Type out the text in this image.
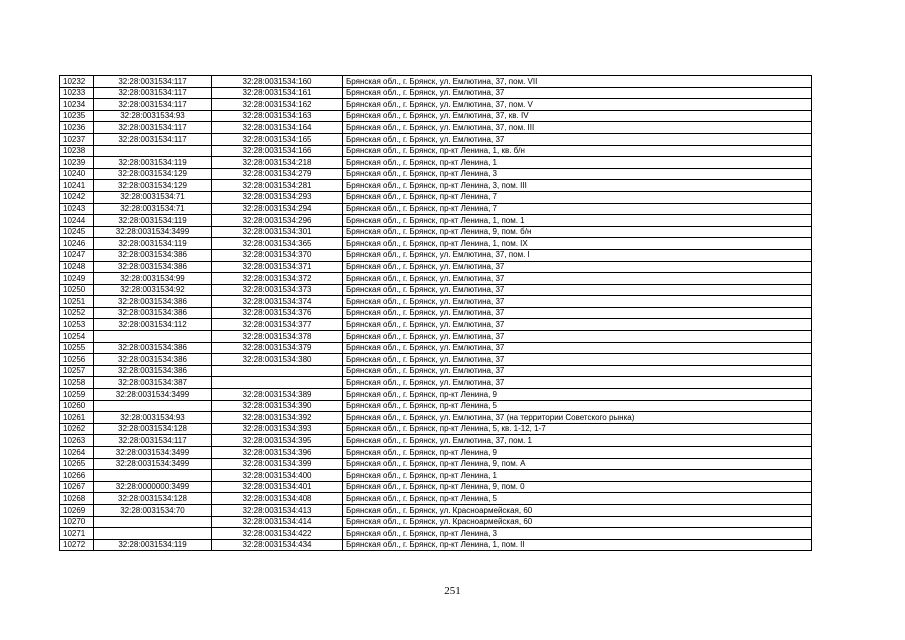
10232	32:28:0031534:117	32:28:0031534:160	Брянская обл., г. Брянск, ул. Емлютина, 37, пом. VII
10233	32:28:0031534:117	32:28:0031534:161	Брянская обл., г. Брянск, ул. Емлютина, 37
10234	32:28:0031534:117	32:28:0031534:162	Брянская обл., г. Брянск, ул. Емлютина, 37, пом. V
10235	32:28:0031534:93	32:28:0031534:163	Брянская обл., г. Брянск, ул. Емлютина, 37, кв. IV
10236	32:28:0031534:117	32:28:0031534:164	Брянская обл., г. Брянск, ул. Емлютина, 37, пом. III
10237	32:28:0031534:117	32:28:0031534:165	Брянская обл., г. Брянск, ул. Емлютина, 37
10238		32:28:0031534:166	Брянская обл., г. Брянск, пр-кт Ленина, 1, кв. б/н
10239	32:28:0031534:119	32:28:0031534:218	Брянская обл., г. Брянск, пр-кт Ленина, 1
10240	32:28:0031534:129	32:28:0031534:279	Брянская обл., г. Брянск, пр-кт Ленина, 3
10241	32:28:0031534:129	32:28:0031534:281	Брянская обл., г. Брянск, пр-кт Ленина, 3, пом. III
10242	32:28:0031534:71	32:28:0031534:293	Брянская обл., г. Брянск, пр-кт Ленина, 7
10243	32:28:0031534:71	32:28:0031534:294	Брянская обл., г. Брянск, пр-кт Ленина, 7
10244	32:28:0031534:119	32:28:0031534:296	Брянская обл., г. Брянск, пр-кт Ленина, 1, пом. 1
10245	32:28:0031534:3499	32:28:0031534:301	Брянская обл., г. Брянск, пр-кт Ленина, 9, пом. б/н
10246	32:28:0031534:119	32:28:0031534:365	Брянская обл., г. Брянск, пр-кт Ленина, 1, пом. IX
10247	32:28:0031534:386	32:28:0031534:370	Брянская обл., г. Брянск, ул. Емлютина, 37, пом. I
10248	32:28:0031534:386	32:28:0031534:371	Брянская обл., г. Брянск, ул. Емлютина, 37
10249	32:28:0031534:99	32:28:0031534:372	Брянская обл., г. Брянск, ул. Емлютина, 37
10250	32:28:0031534:92	32:28:0031534:373	Брянская обл., г. Брянск, ул. Емлютина, 37
10251	32:28:0031534:386	32:28:0031534:374	Брянская обл., г. Брянск, ул. Емлютина, 37
10252	32:28:0031534:386	32:28:0031534:376	Брянская обл., г. Брянск, ул. Емлютина, 37
10253	32:28:0031534:112	32:28:0031534:377	Брянская обл., г. Брянск, ул. Емлютина, 37
10254		32:28:0031534:378	Брянская обл., г. Брянск, ул. Емлютина, 37
10255	32:28:0031534:386	32:28:0031534:379	Брянская обл., г. Брянск, ул. Емлютина, 37
10256	32:28:0031534:386	32:28:0031534:380	Брянская обл., г. Брянск, ул. Емлютина, 37
10257	32:28:0031534:386		Брянская обл., г. Брянск, ул. Емлютина, 37
10258	32:28:0031534:387		Брянская обл., г. Брянск, ул. Емлютина, 37
10259	32:28:0031534:3499	32:28:0031534:389	Брянская обл., г. Брянск, пр-кт Ленина, 9
10260		32:28:0031534:390	Брянская обл., г. Брянск, пр-кт Ленина, 5
10261	32:28:0031534:93	32:28:0031534:392	Брянская обл., г. Брянск, ул. Емлютина, 37 (на территории Советского рынка)
10262	32:28:0031534:128	32:28:0031534:393	Брянская обл., г. Брянск, пр-кт Ленина, 5, кв. 1-12, 1-7
10263	32:28:0031534:117	32:28:0031534:395	Брянская обл., г. Брянск, ул. Емлютина, 37, пом. 1
10264	32:28:0031534:3499	32:28:0031534:396	Брянская обл., г. Брянск, пр-кт Ленина, 9
10265	32:28:0031534:3499	32:28:0031534:399	Брянская обл., г. Брянск, пр-кт Ленина, 9, пом. А
10266		32:28:0031534:400	Брянская обл., г. Брянск, пр-кт Ленина, 1
10267	32:28:0000000:3499	32:28:0031534:401	Брянская обл., г. Брянск, пр-кт Ленина, 9, пом. 0
10268	32:28:0031534:128	32:28:0031534:408	Брянская обл., г. Брянск, пр-кт Ленина, 5
10269	32:28:0031534:70	32:28:0031534:413	Брянская обл., г. Брянск, ул. Красноармейская, 60
10270		32:28:0031534:414	Брянская обл., г. Брянск, ул. Красноармейская, 60
10271		32:28:0031534:422	Брянская обл., г. Брянск, пр-кт Ленина, 3
10272	32:28:0031534:119	32:28:0031534:434	Брянская обл., г. Брянск, пр-кт Ленина, 1, пом. II
251
